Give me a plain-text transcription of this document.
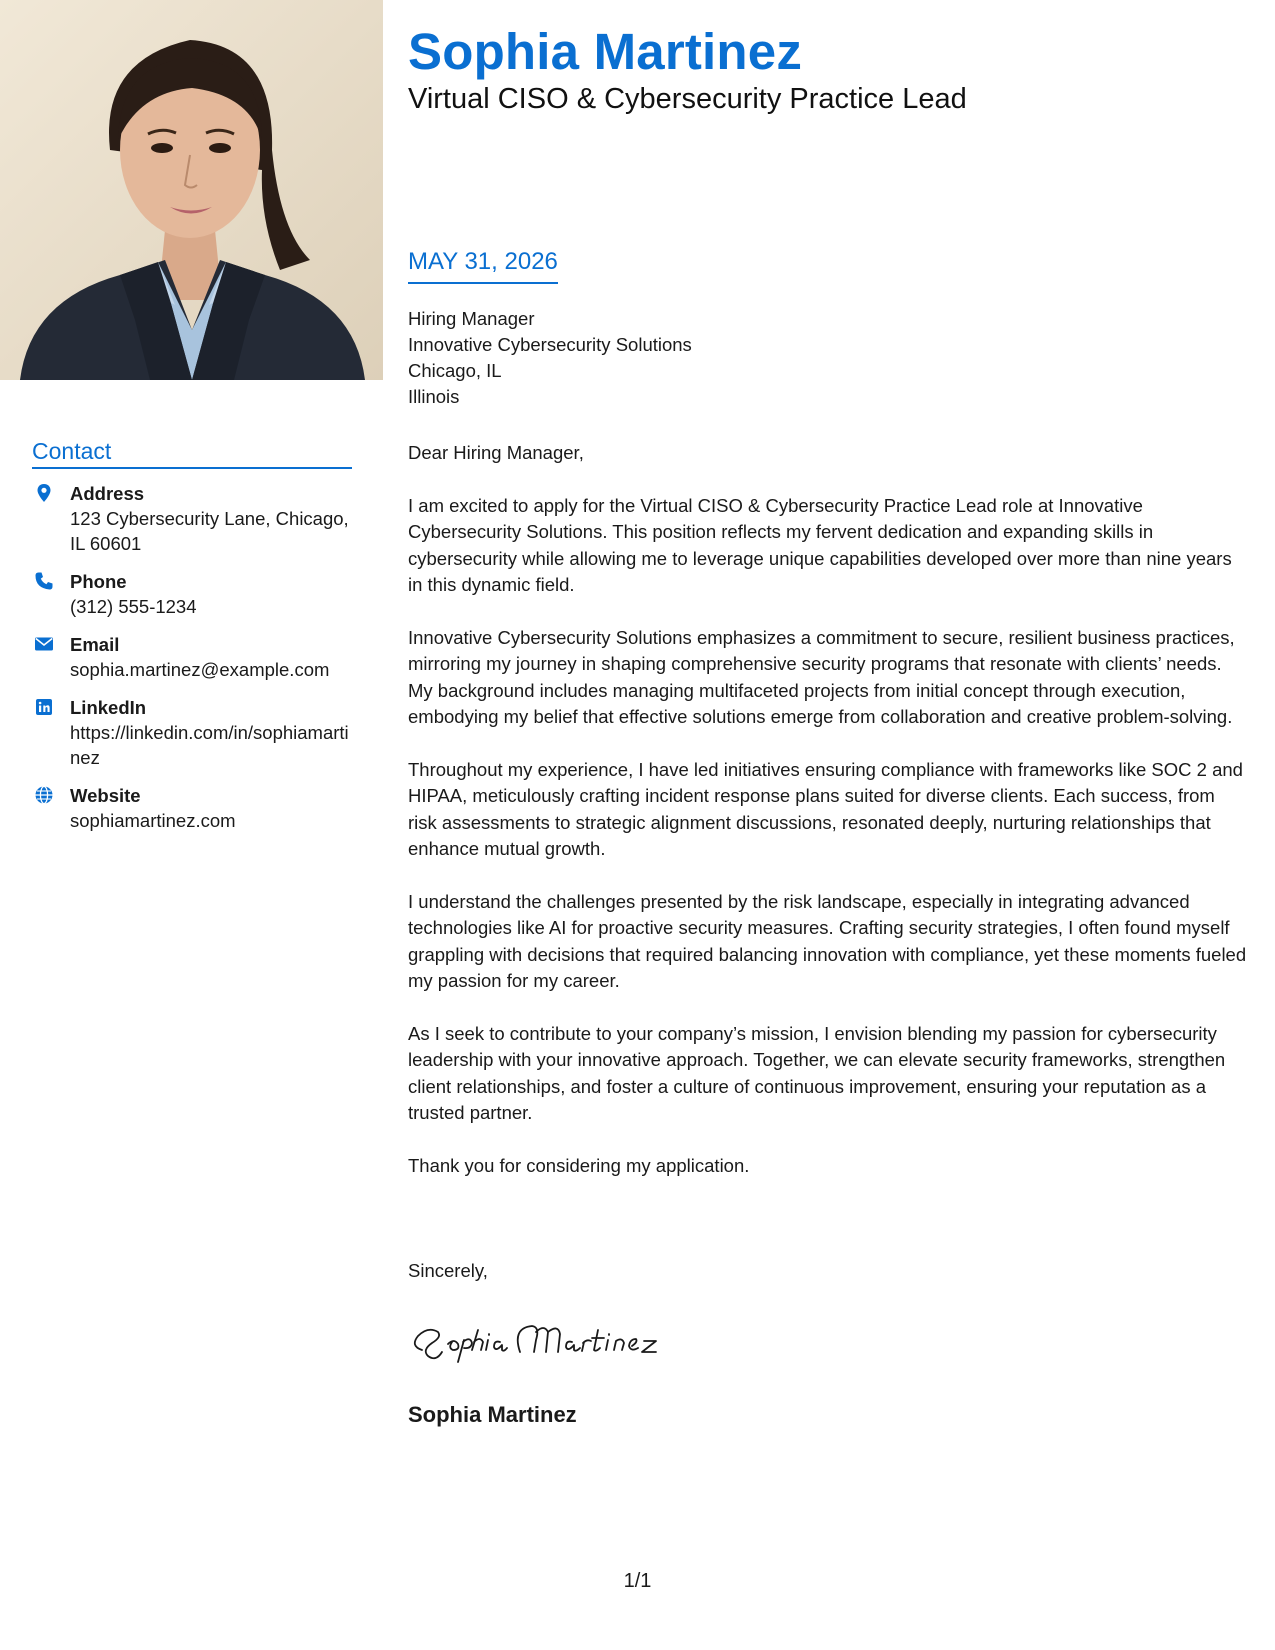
Contact
Address
123 Cybersecurity Lane, Chicago, IL 60601
Phone
(312) 555-1234
Email
sophia.martinez@example.com
LinkedIn
https://linkedin.com/in/sophiamartinez
Website
sophiamartinez.com
Sophia Martinez
Virtual CISO & Cybersecurity Practice Lead
MAY 31, 2026
Hiring Manager
Innovative Cybersecurity Solutions
Chicago, IL
Illinois

Dear Hiring Manager,

I am excited to apply for the Virtual CISO & Cybersecurity Practice Lead role at Innovative Cybersecurity Solutions. This position reflects my fervent dedication and expanding skills in cybersecurity while allowing me to leverage unique capabilities developed over more than nine years in this dynamic field.

Innovative Cybersecurity Solutions emphasizes a commitment to secure, resilient business practices, mirroring my journey in shaping comprehensive security programs that resonate with clients’ needs. My background includes managing multifaceted projects from initial concept through execution, embodying my belief that effective solutions emerge from collaboration and creative problem-solving.

Throughout my experience, I have led initiatives ensuring compliance with frameworks like SOC 2 and HIPAA, meticulously crafting incident response plans suited for diverse clients. Each success, from risk assessments to strategic alignment discussions, resonated deeply, nurturing relationships that enhance mutual growth.

I understand the challenges presented by the risk landscape, especially in integrating advanced technologies like AI for proactive security measures. Crafting security strategies, I often found myself grappling with decisions that required balancing innovation with compliance, yet these moments fueled my passion for my career.

As I seek to contribute to your company’s mission, I envision blending my passion for cybersecurity leadership with your innovative approach. Together, we can elevate security frameworks, strengthen client relationships, and foster a culture of continuous improvement, ensuring your reputation as a trusted partner.

Thank you for considering my application.

Sincerely,
Sophia Martinez
1/1
